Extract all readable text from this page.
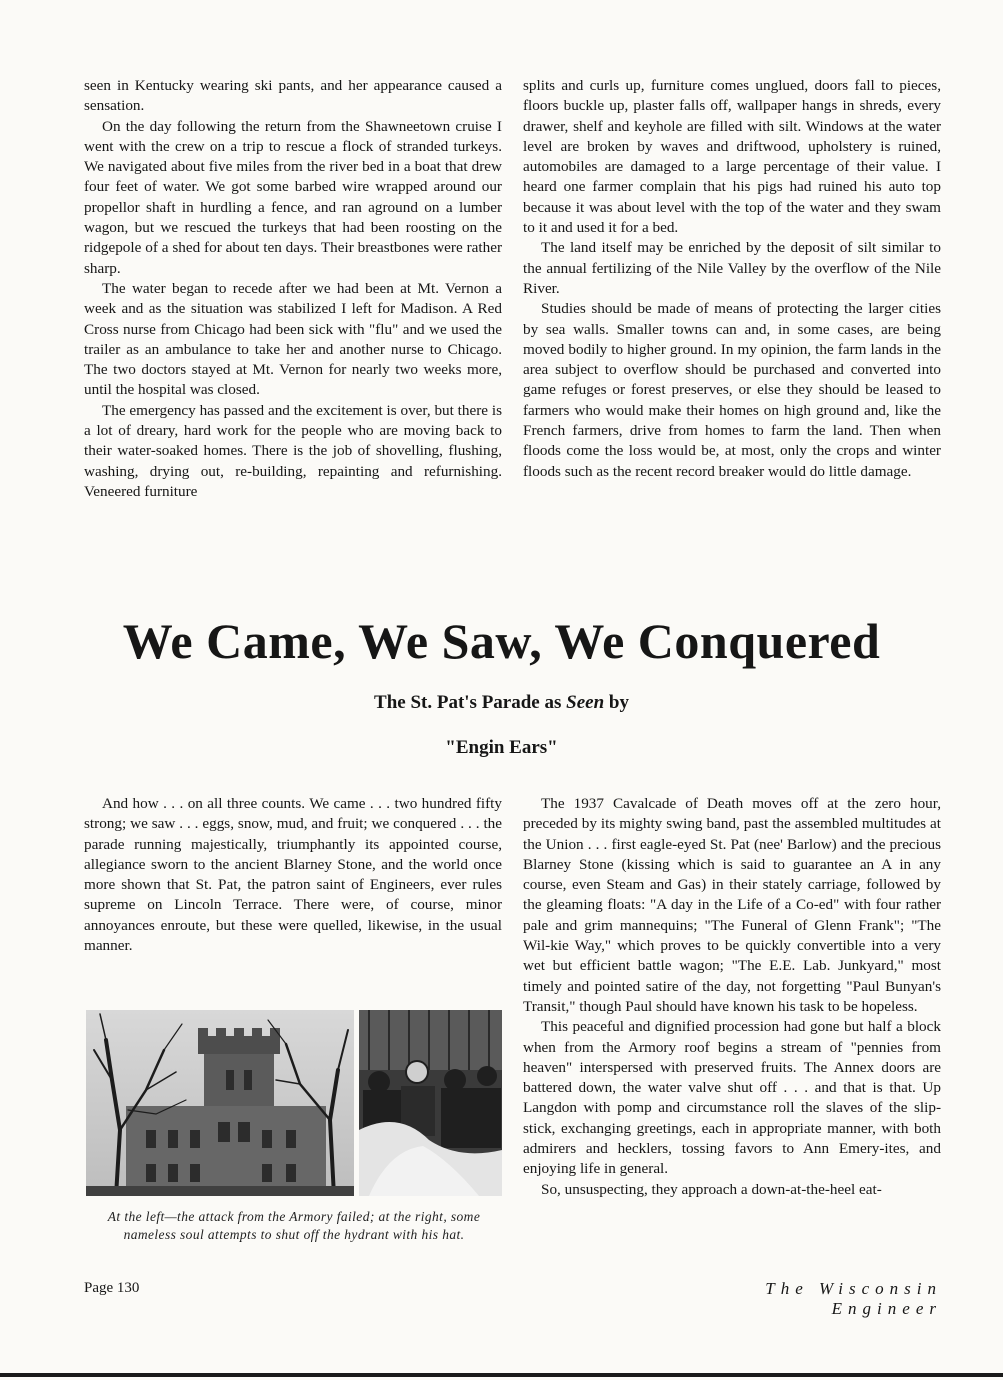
seen in Kentucky wearing ski pants, and her appearance caused a sensation.

On the day following the return from the Shawneetown cruise I went with the crew on a trip to rescue a flock of stranded turkeys. We navigated about five miles from the river bed in a boat that drew four feet of water. We got some barbed wire wrapped around our propellor shaft in hurdling a fence, and ran aground on a lumber wagon, but we rescued the turkeys that had been roosting on the ridgepole of a shed for about ten days. Their breastbones were rather sharp.

The water began to recede after we had been at Mt. Vernon a week and as the situation was stabilized I left for Madison. A Red Cross nurse from Chicago had been sick with "flu" and we used the trailer as an ambulance to take her and another nurse to Chicago. The two doctors stayed at Mt. Vernon for nearly two weeks more, until the hospital was closed.

The emergency has passed and the excitement is over, but there is a lot of dreary, hard work for the people who are moving back to their water-soaked homes. There is the job of shovelling, flushing, washing, drying out, re-building, repainting and refurnishing. Veneered furniture

splits and curls up, furniture comes unglued, doors fall to pieces, floors buckle up, plaster falls off, wallpaper hangs in shreds, every drawer, shelf and keyhole are filled with silt. Windows at the water level are broken by waves and driftwood, upholstery is ruined, automobiles are damaged to a large percentage of their value. I heard one farmer complain that his pigs had ruined his auto top because it was about level with the top of the water and they swam to it and used it for a bed.

The land itself may be enriched by the deposit of silt similar to the annual fertilizing of the Nile Valley by the overflow of the Nile River.

Studies should be made of means of protecting the larger cities by sea walls. Smaller towns can and, in some cases, are being moved bodily to higher ground. In my opinion, the farm lands in the area subject to overflow should be purchased and converted into game refuges or forest preserves, or else they should be leased to farmers who would make their homes on high ground and, like the French farmers, drive from homes to farm the land. Then when floods come the loss would be, at most, only the crops and winter floods such as the recent record breaker would do little damage.

We Came, We Saw, We Conquered
The St. Pat's Parade as Seen by
"Engin Ears"

And how . . . on all three counts. We came . . . two hundred fifty strong; we saw . . . eggs, snow, mud, and fruit; we conquered . . . the parade running majestically, triumphantly its appointed course, allegiance sworn to the ancient Blarney Stone, and the world once more shown that St. Pat, the patron saint of Engineers, ever rules supreme on Lincoln Terrace. There were, of course, minor annoyances enroute, but these were quelled, likewise, in the usual manner.

The 1937 Cavalcade of Death moves off at the zero hour, preceded by its mighty swing band, past the assembled multitudes at the Union . . . first eagle-eyed St. Pat (nee' Barlow) and the precious Blarney Stone (kissing which is said to guarantee an A in any course, even Steam and Gas) in their stately carriage, followed by the gleaming floats: "A day in the Life of a Co-ed" with four rather pale and grim mannequins; "The Funeral of Glenn Frank"; "The Wil-kie Way," which proves to be quickly convertible into a very wet but efficient battle wagon; "The E.E. Lab. Junkyard," most timely and pointed satire of the day, not forgetting "Paul Bunyan's Transit," though Paul should have known his task to be hopeless.

This peaceful and dignified procession had gone but half a block when from the Armory roof begins a stream of "pennies from heaven" interspersed with preserved fruits. The Annex doors are battered down, the water valve shut off . . . and that is that. Up Langdon with pomp and circumstance roll the slaves of the slip-stick, exchanging greetings, each in appropriate manner, with both admirers and hecklers, tossing favors to Ann Emery-ites, and enjoying life in general.

So, unsuspecting, they approach a down-at-the-heel eat-

At the left—the attack from the Armory failed; at the right, some nameless soul attempts to shut off the hydrant with his hat.
Page 130	The Wisconsin Engineer
